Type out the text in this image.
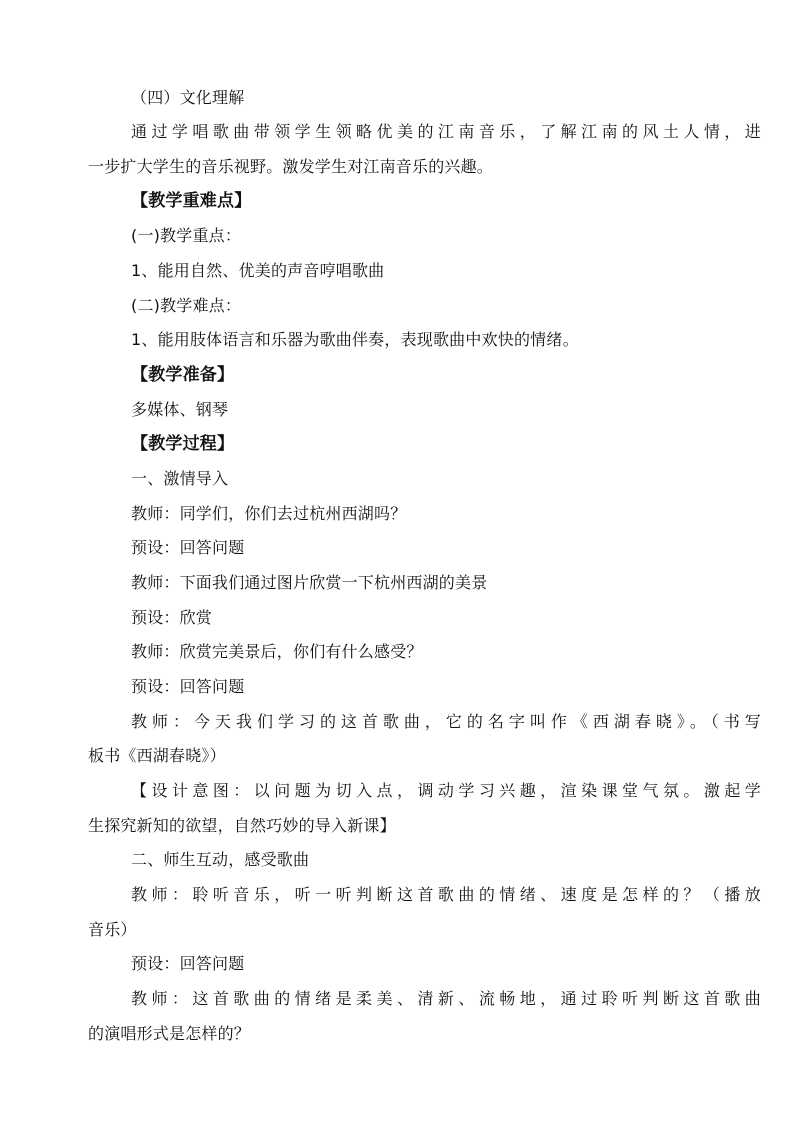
（四）文化理解
通过学唱歌曲带领学生领略优美的江南音乐，了解江南的风土人情，进
一步扩大学生的音乐视野。激发学生对江南音乐的兴趣。
【教学重难点】
(一)教学重点：
1、能用自然、优美的声音哼唱歌曲
(二)教学难点：
1、能用肢体语言和乐器为歌曲伴奏，表现歌曲中欢快的情绪。
【教学准备】
多媒体、钢琴
【教学过程】
一、激情导入
教师：同学们，你们去过杭州西湖吗？
预设：回答问题
教师：下面我们通过图片欣赏一下杭州西湖的美景
预设：欣赏
教师：欣赏完美景后，你们有什么感受？
预设：回答问题
教师：今天我们学习的这首歌曲，它的名字叫作《西湖春晓》。（书写
板书《西湖春晓》）
【设计意图：以问题为切入点，调动学习兴趣，渲染课堂气氛。激起学
生探究新知的欲望，自然巧妙的导入新课】
二、师生互动，感受歌曲
教师：聆听音乐，听一听判断这首歌曲的情绪、速度是怎样的？（播放
音乐）
预设：回答问题
教师：这首歌曲的情绪是柔美、清新、流畅地，通过聆听判断这首歌曲
的演唱形式是怎样的？
